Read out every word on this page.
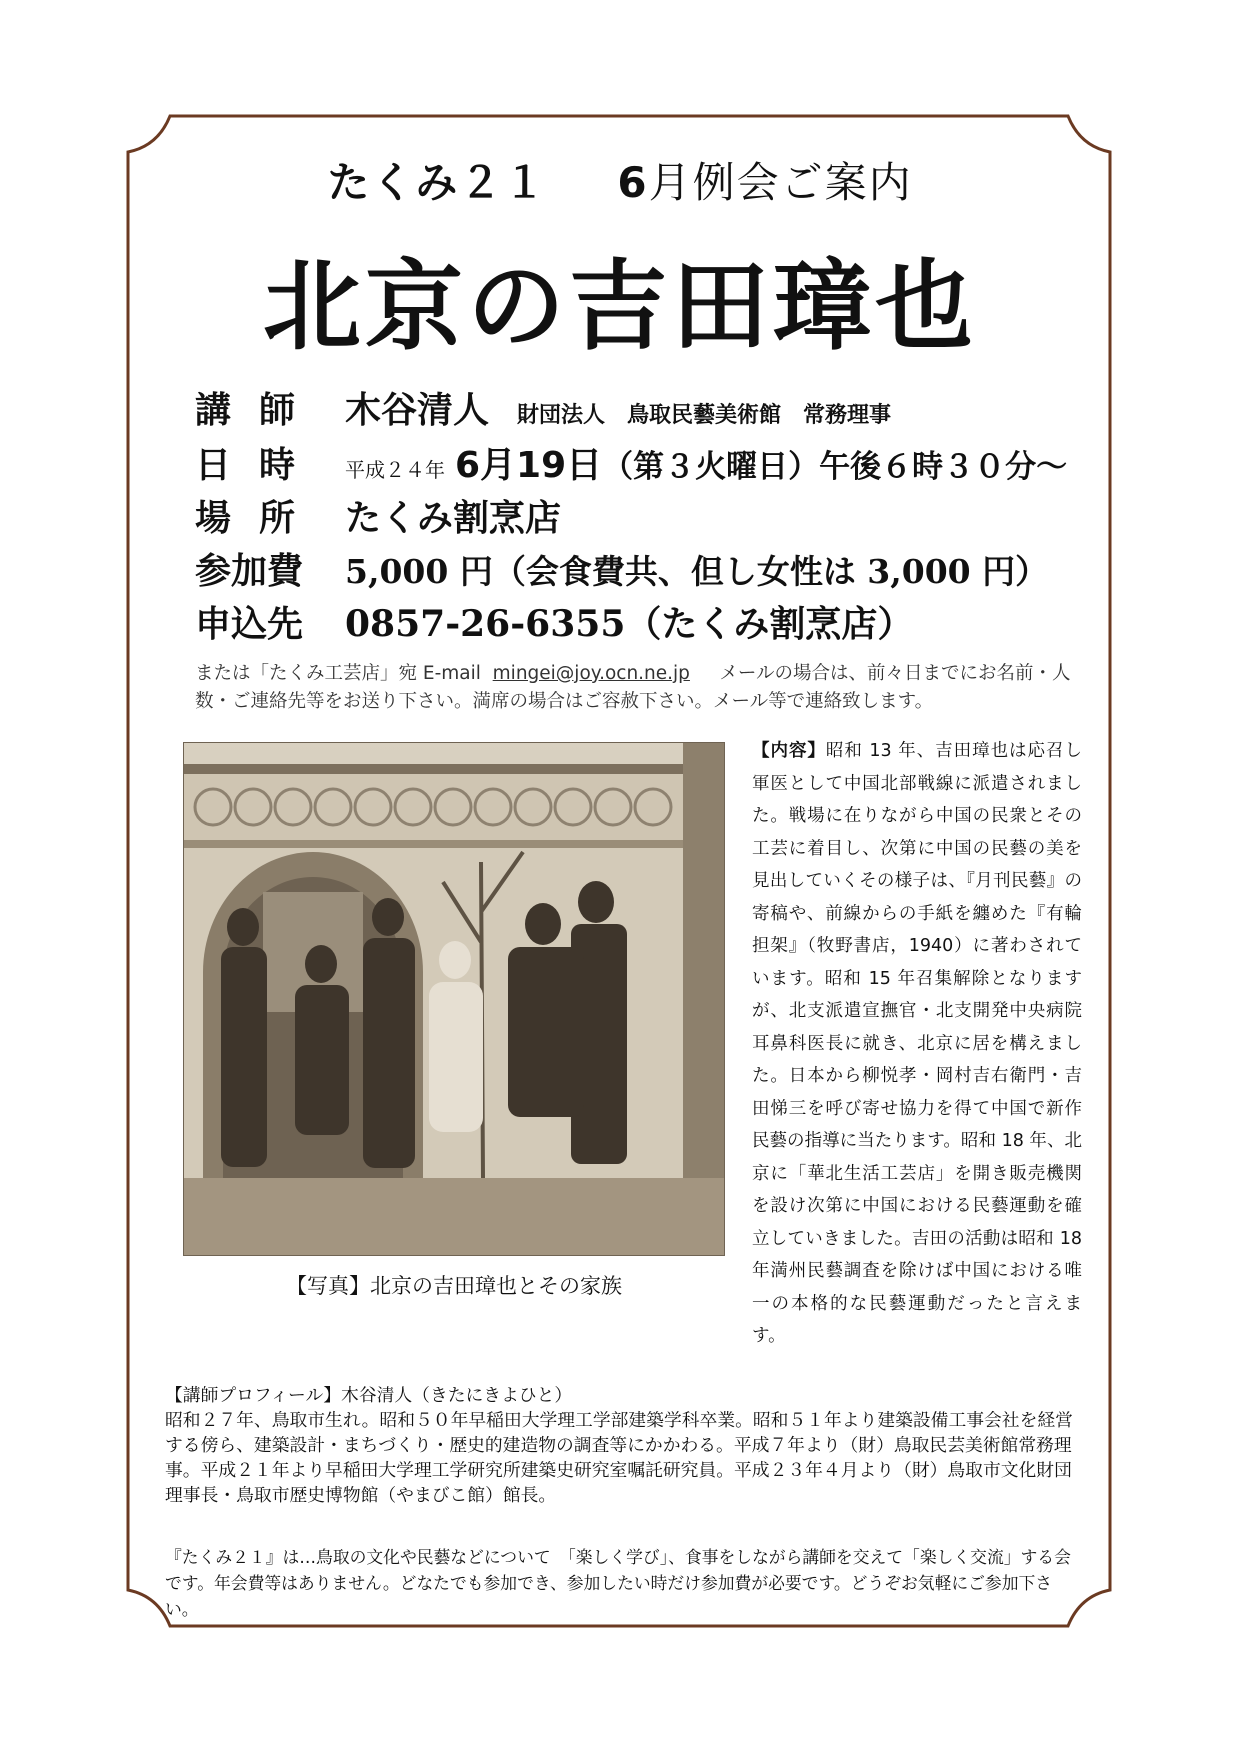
たくみ２１ 6月例会ご案内
北京の吉田璋也
講師 木谷清人 財団法人　鳥取民藝美術館　常務理事
日時 平成２４年 6月19日（第３火曜日）午後６時３０分～
場所 たくみ割烹店
参加費 5,000 円（会食費共、但し女性は 3,000 円）
申込先 0857-26-6355（たくみ割烹店）
または「たくみ工芸店」宛 E-mail mingei@joy.ocn.ne.jp メールの場合は、前々日までにお名前・人数・ご連絡先等をお送り下さい。満席の場合はご容赦下さい。メール等で連絡致します。
【写真】北京の吉田璋也とその家族
【内容】昭和 13 年、吉田璋也は応召し軍医として中国北部戦線に派遣されました。戦場に在りながら中国の民衆とその工芸に着目し、次第に中国の民藝の美を見出していくその様子は、『月刊民藝』の寄稿や、前線からの手紙を纏めた『有輪担架』（牧野書店，1940）に著わされています。昭和 15 年召集解除となりますが、北支派遣宣撫官・北支開発中央病院耳鼻科医長に就き、北京に居を構えました。日本から柳悦孝・岡村吉右衛門・吉田悌三を呼び寄せ協力を得て中国で新作民藝の指導に当たります。昭和 18 年、北京に「華北生活工芸店」を開き販売機関を設け次第に中国における民藝運動を確立していきました。吉田の活動は昭和 18 年満州民藝調査を除けば中国における唯一の本格的な民藝運動だったと言えます。
【講師プロフィール】木谷清人（きたにきよひと）
昭和２７年、鳥取市生れ。昭和５０年早稲田大学理工学部建築学科卒業。昭和５１年より建築設備工事会社を経営する傍ら、建築設計・まちづくり・歴史的建造物の調査等にかかわる。平成７年より（財）鳥取民芸美術館常務理事。平成２１年より早稲田大学理工学研究所建築史研究室嘱託研究員。平成２３年４月より（財）鳥取市文化財団理事長・鳥取市歴史博物館（やまびこ館）館長。
『たくみ２１』は…鳥取の文化や民藝などについて　「楽しく学び」、食事をしながら講師を交えて「楽しく交流」する会です。年会費等はありません。どなたでも参加でき、参加したい時だけ参加費が必要です。どうぞお気軽にご参加下さい。
